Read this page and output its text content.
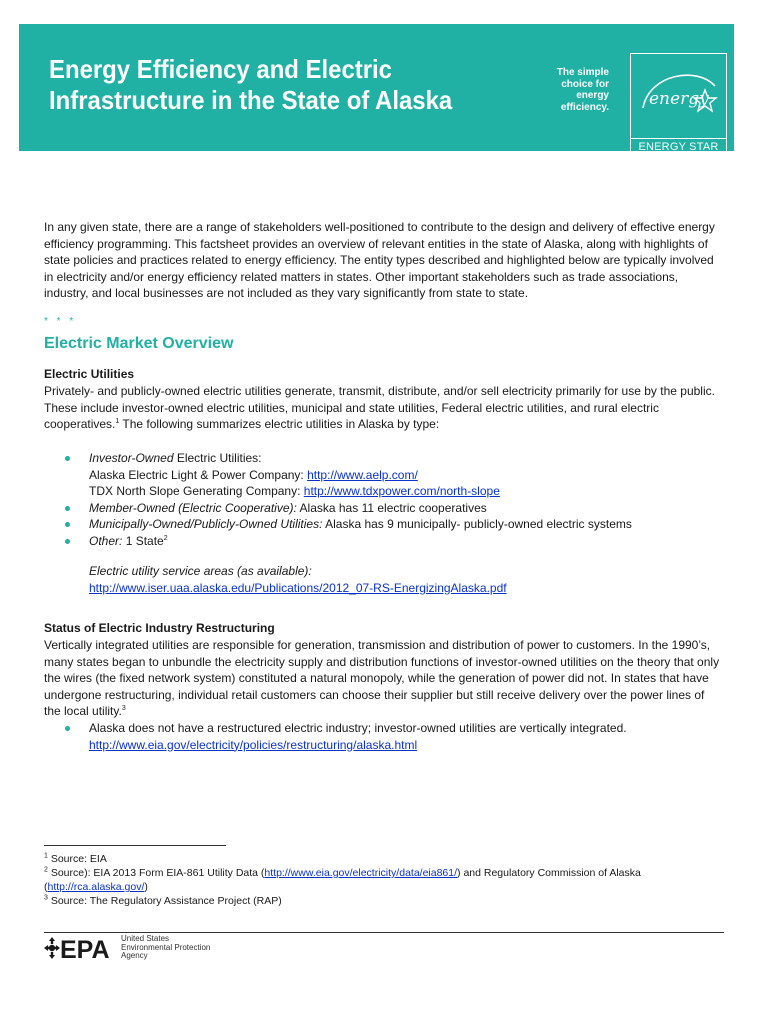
Energy Efficiency and Electric
Infrastructure in the State of Alaska
The simple
choice for
energy
efficiency. energy
ENERGY STAR

In any given state, there are a range of stakeholders well-positioned to contribute to the design and delivery of effective energy efficiency programming. This factsheet provides an overview of relevant entities in the state of Alaska, along with highlights of state policies and practices related to energy efficiency. The entity types described and highlighted below are typically involved in electricity and/or energy efficiency related matters in states. Other important stakeholders such as trade associations, industry, and local businesses are not included as they vary significantly from state to state.

* * *
Electric Market Overview
Electric Utilities

Privately- and publicly-owned electric utilities generate, transmit, distribute, and/or sell electricity primarily for use by the public. These include investor-owned electric utilities, municipal and state utilities, Federal electric utilities, and rural electric cooperatives.$^1$ The following summarizes electric utilities in Alaska by type:

Investor-Owned Electric Utilities:
Alaska Electric Light & Power Company: http://www.aelp.com/
TDX North Slope Generating Company: http://www.tdxpower.com/north-slope
Member-Owned (Electric Cooperative): Alaska has 11 electric cooperatives
Municipally-Owned/Publicly-Owned Utilities: Alaska has 9 municipally- publicly-owned electric systems
Other: 1 State$^2$
Electric utility service areas (as available):
http://www.iser.uaa.alaska.edu/Publications/2012_07-RS-EnergizingAlaska.pdf
Status of Electric Industry Restructuring

Vertically integrated utilities are responsible for generation, transmission and distribution of power to customers. In the 1990’s, many states began to unbundle the electricity supply and distribution functions of investor-owned utilities on the theory that only the wires (the fixed network system) constituted a natural monopoly, while the generation of power did not. In states that have undergone restructuring, individual retail customers can choose their supplier but still receive delivery over the power lines of the local utility.$^3$

Alaska does not have a restructured electric industry; investor-owned utilities are vertically integrated.
http://www.eia.gov/electricity/policies/restructuring/alaska.html

$^1$ Source: EIA

$^2$ Source): EIA 2013 Form EIA-861 Utility Data (http://www.eia.gov/electricity/data/eia861/) and Regulatory Commission of Alaska (http://rca.alaska.gov/)

$^3$ Source: The Regulatory Assistance Project (RAP)

EPA United States
Environmental Protection
Agency
